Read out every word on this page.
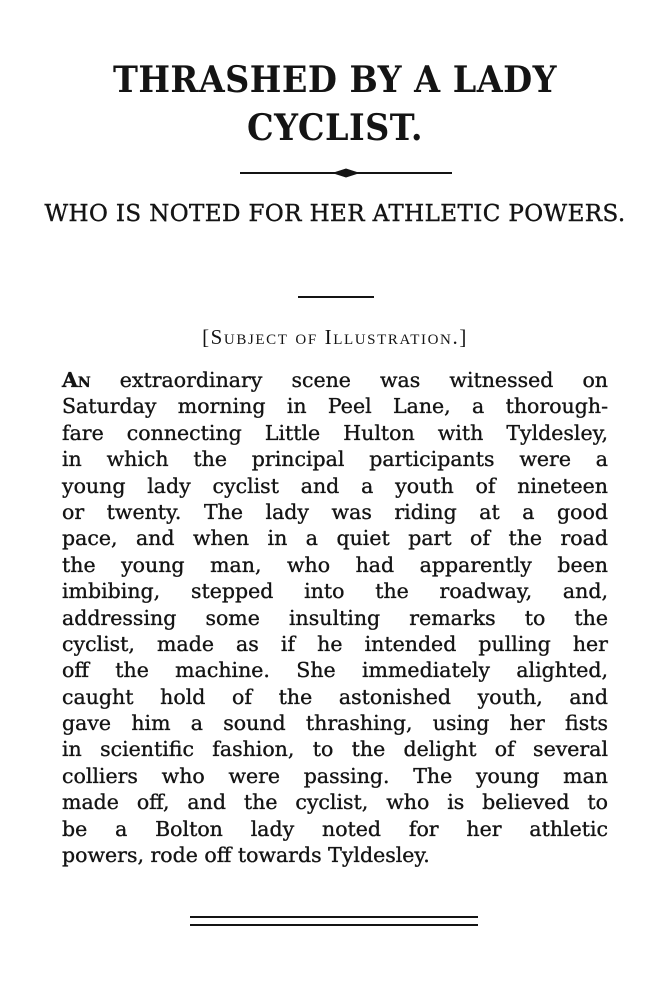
THRASHED BY A LADY CYCLIST.
WHO IS NOTED FOR HER ATHLETIC POWERS.
[Subject of Illustration.]
An extraordinary scene was witnessed on
Saturday morning in Peel Lane, a thorough-
fare connecting Little Hulton with Tyldesley,
in which the principal participants were a
young lady cyclist and a youth of nineteen
or twenty. The lady was riding at a good
pace, and when in a quiet part of the road
the young man, who had apparently been
imbibing, stepped into the roadway, and,
addressing some insulting remarks to the
cyclist, made as if he intended pulling her
off the machine. She immediately alighted,
caught hold of the astonished youth, and
gave him a sound thrashing, using her fists
in scientific fashion, to the delight of several
colliers who were passing. The young man
made off, and the cyclist, who is believed to
be a Bolton lady noted for her athletic
powers, rode off towards Tyldesley.
